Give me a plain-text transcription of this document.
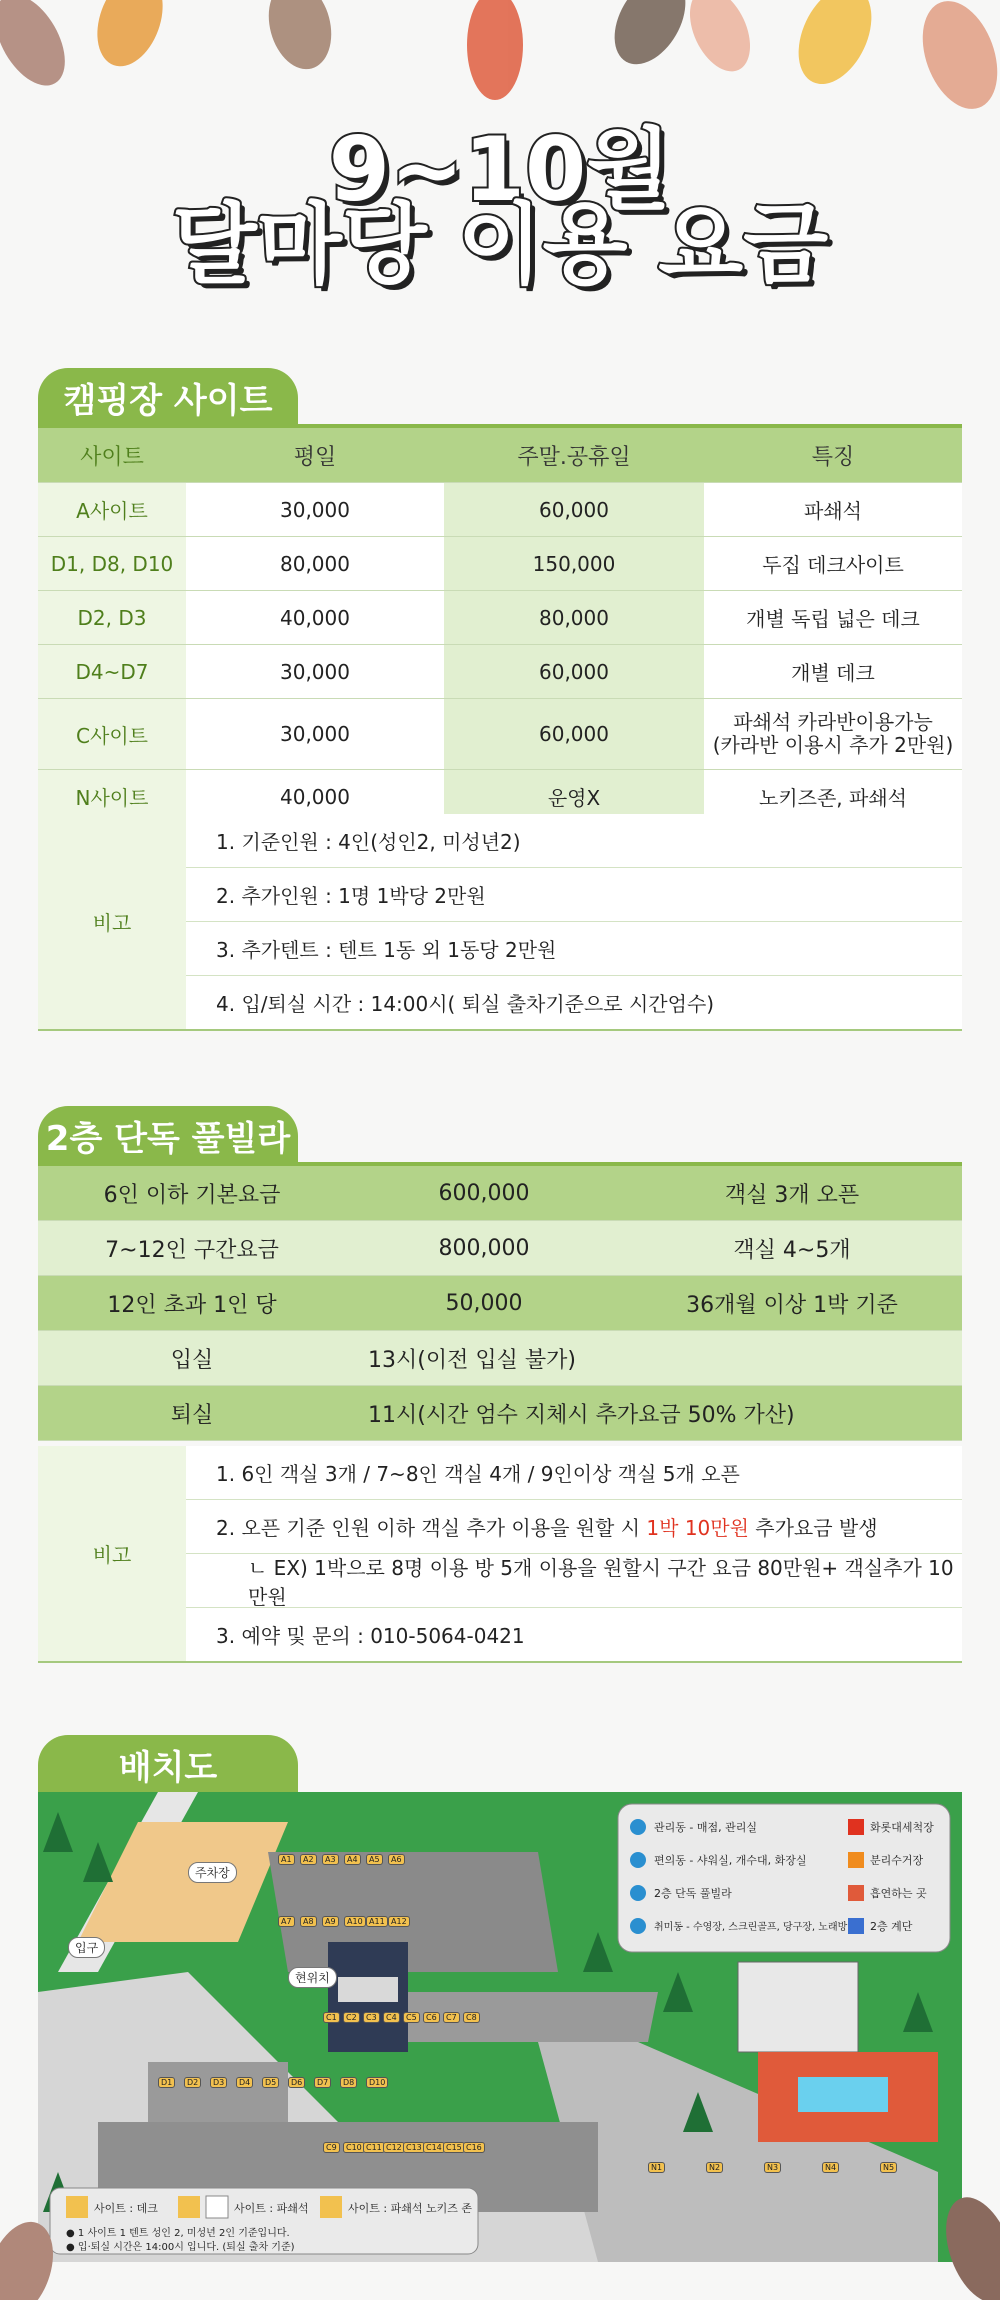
9~10월
달마당 이용 요금
캠핑장 사이트
사이트	평일	주말.공휴일	특징
A사이트	30,000	60,000	파쇄석
D1, D8, D10	80,000	150,000	두집 데크사이트
D2, D3	40,000	80,000	개별 독립 넓은 데크
D4~D7	30,000	60,000	개별 데크
C사이트	30,000	60,000	파쇄석 카라반이용가능
(카라반 이용시 추가 2만원)

N사이트	40,000	운영X	노키즈존, 파쇄석
비고
1. 기준인원 : 4인(성인2, 미성년2)
2. 추가인원 : 1명 1박당 2만원
3. 추가텐트 : 텐트 1동 외 1동당 2만원
4. 입/퇴실 시간 : 14:00시( 퇴실 출차기준으로 시간엄수)
2층 단독 풀빌라
6인 이하 기본요금	600,000	객실 3개 오픈
7~12인 구간요금	800,000	객실 4~5개
12인 초과 1인 당	50,000	36개월 이상 1박 기준
입실	13시(이전 입실 불가)	
퇴실	11시(시간 엄수 지체시 추가요금 50% 가산)	
비고
1. 6인 객실 3개 / 7~8인 객실 4개 / 9인이상 객실 5개 오픈
2. 오픈 기준 인원 이하 객실 추가 이용을 원할 시 1박 10만원 추가요금 발생
ㄴ EX) 1박으로 8명 이용 방 5개 이용을 원할시 구간 요금 80만원+ 객실추가 10만원
3. 예약 및 문의 : 010-5064-0421
배치도
관리동 - 매점, 관리실
편의동 - 샤워실, 개수대, 화장실
2층 단독 풀빌라
취미동 - 수영장, 스크린골프, 당구장, 노래방
화롯대세척장
분리수거장
흡연하는 곳
2층 계단
주차장
입구
현위치
A1	A2	A3	A4	A5	A6
A7	A8	A9	A10 A11 A12
C1	C2	C3	C4	C5	C6	C7	C8
C9	C10 C11 C12 C13 C14 C15 C16
D1	D2	D3	D4	D5	D6	D7	D8	D10
N1	N2	N3	N4	N5
사이트 : 데크	사이트 : 파쇄석	사이트 : 파쇄석 노키즈 존
● 1 사이트 1 텐트 성인 2, 미성년 2인 기준입니다.
● 입·퇴실 시간은 14:00시 입니다. (퇴실 출차 기준)
